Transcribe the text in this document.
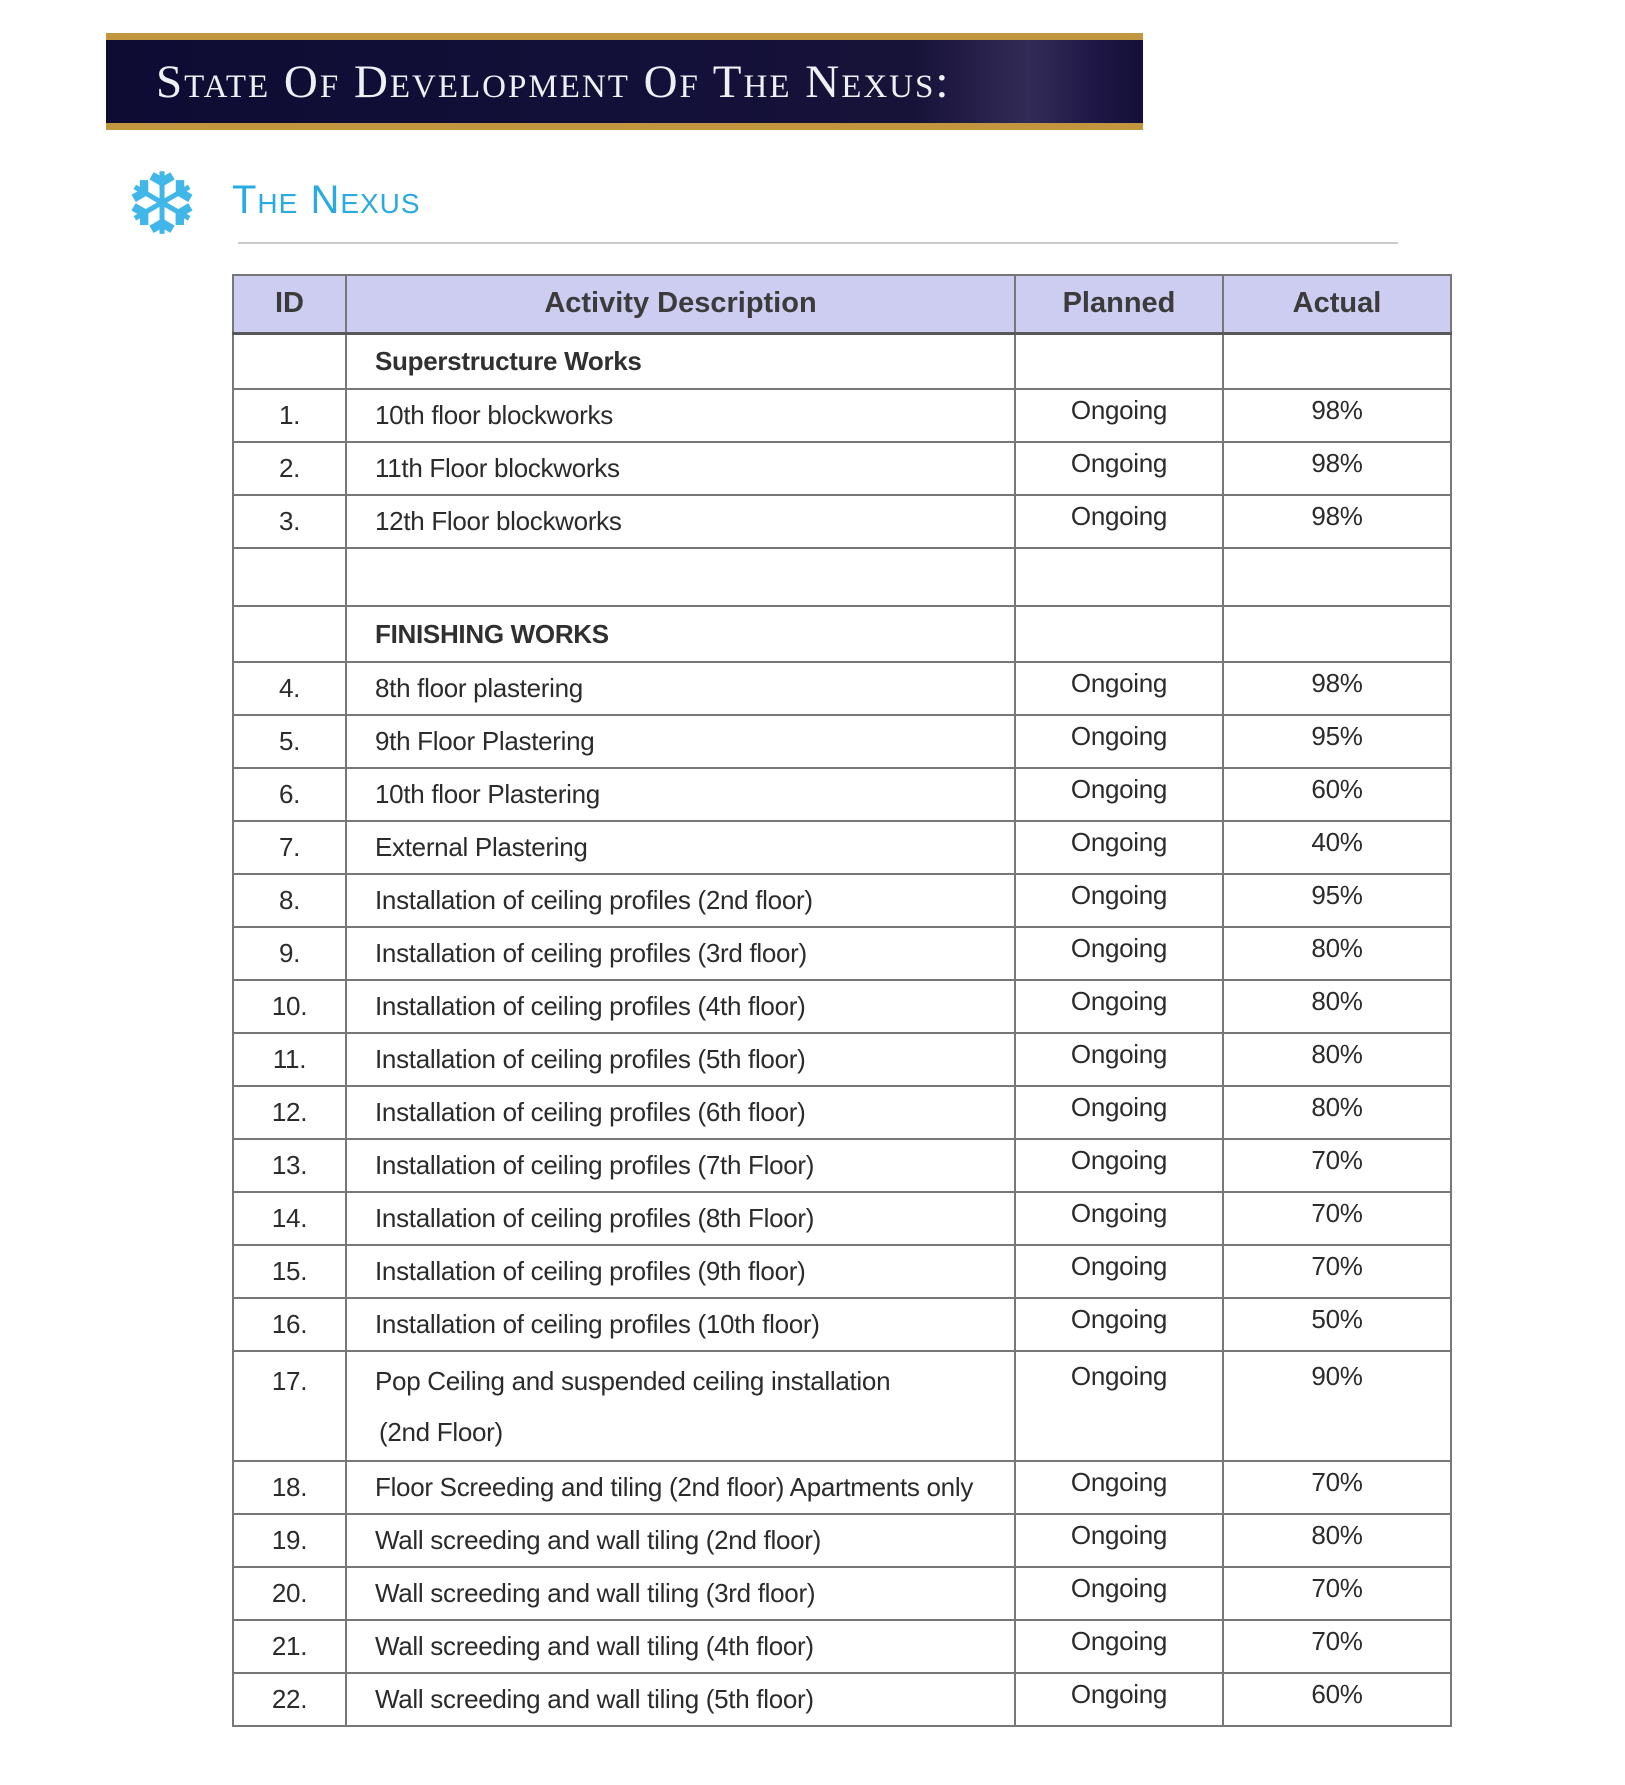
State Of Development Of The Nexus:
❆ The Nexus
ID	Activity Description	Planned	Actual

	Superstructure Works		

1.	10th floor blockworks	Ongoing	98%
2.	11th Floor blockworks	Ongoing	98%
3.	12th Floor blockworks	Ongoing	98%

	FINISHING WORKS		

4.	8th floor plastering	Ongoing	98%
5.	9th Floor Plastering	Ongoing	95%
6.	10th floor Plastering	Ongoing	60%
7.	External Plastering	Ongoing	40%
8.	Installation of ceiling profiles (2nd floor)	Ongoing	95%
9.	Installation of ceiling profiles (3rd floor)	Ongoing	80%
10.	Installation of ceiling profiles (4th floor)	Ongoing	80%
11.	Installation of ceiling profiles (5th floor)	Ongoing	80%
12.	Installation of ceiling profiles (6th floor)	Ongoing	80%
13.	Installation of ceiling profiles (7th Floor)	Ongoing	70%
14.	Installation of ceiling profiles (8th Floor)	Ongoing	70%
15.	Installation of ceiling profiles (9th floor)	Ongoing	70%
16.	Installation of ceiling profiles (10th floor)	Ongoing	50%
17.	Pop Ceiling and suspended ceiling installation
(2nd Floor)	Ongoing	90%
18.	Floor Screeding and tiling (2nd floor) Apartments only	Ongoing	70%
19.	Wall screeding and wall tiling (2nd floor)	Ongoing	80%
20.	Wall screeding and wall tiling (3rd floor)	Ongoing	70%
21.	Wall screeding and wall tiling (4th floor)	Ongoing	70%
22.	Wall screeding and wall tiling (5th floor)	Ongoing	60%
